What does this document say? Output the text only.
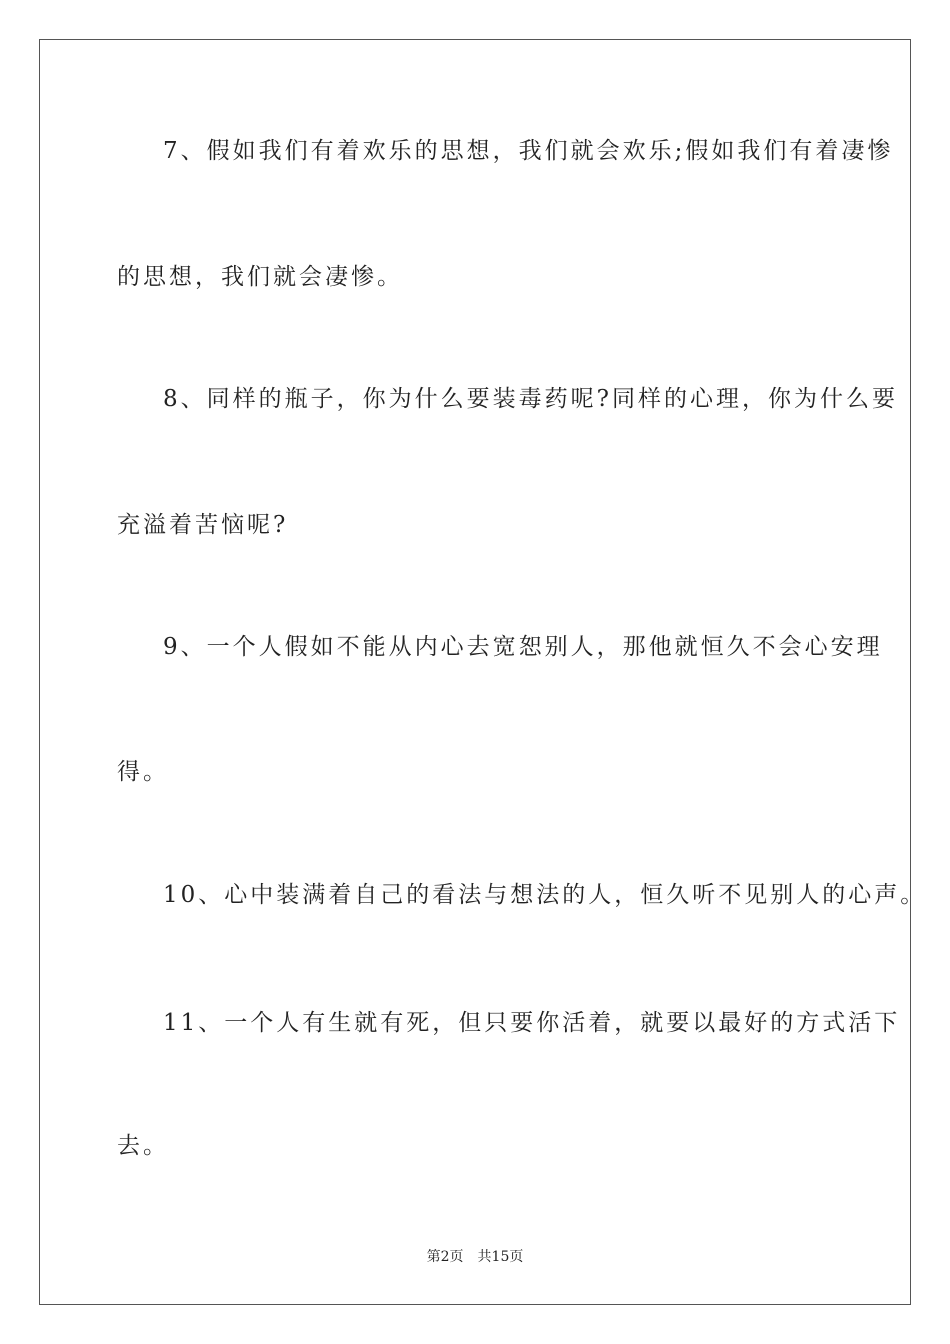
7、假如我们有着欢乐的思想，我们就会欢乐;假如我们有着凄惨
的思想，我们就会凄惨。
8、同样的瓶子，你为什么要装毒药呢?同样的心理，你为什么要
充溢着苦恼呢?
9、一个人假如不能从内心去宽恕别人，那他就恒久不会心安理
得。
10、心中装满着自己的看法与想法的人，恒久听不见别人的心声。
11、一个人有生就有死，但只要你活着，就要以最好的方式活下
去。
第2页 共15页
